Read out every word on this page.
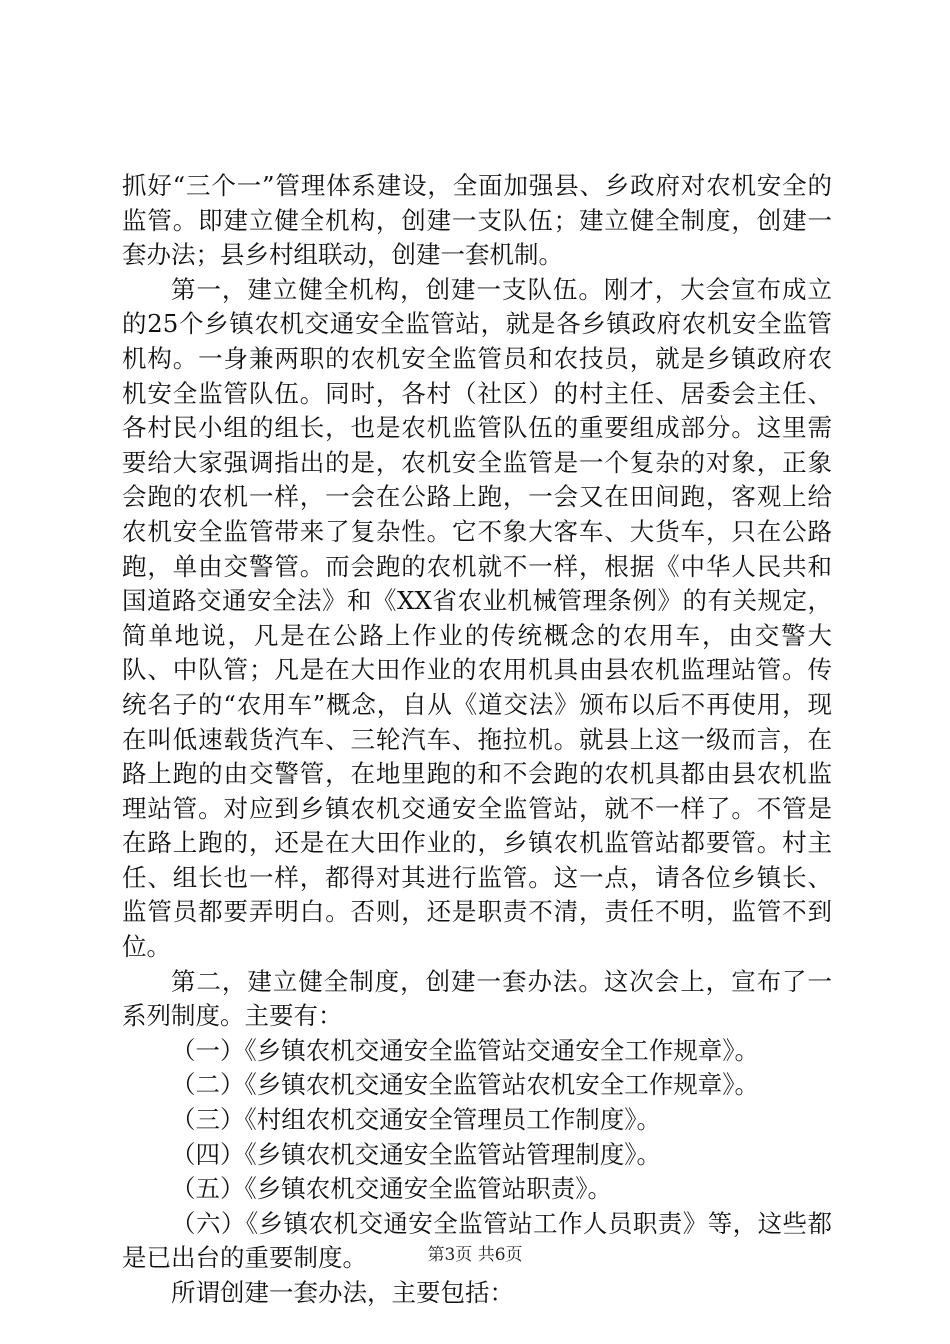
抓好“三个一”管理体系建设，全面加强县、乡政府对农机安全的监管。即建立健全机构，创建一支队伍；建立健全制度，创建一套办法；县乡村组联动，创建一套机制。

第一，建立健全机构，创建一支队伍。刚才，大会宣布成立的25个乡镇农机交通安全监管站，就是各乡镇政府农机安全监管机构。一身兼两职的农机安全监管员和农技员，就是乡镇政府农机安全监管队伍。同时，各村（社区）的村主任、居委会主任、各村民小组的组长，也是农机监管队伍的重要组成部分。这里需要给大家强调指出的是，农机安全监管是一个复杂的对象，正象会跑的农机一样，一会在公路上跑，一会又在田间跑，客观上给农机安全监管带来了复杂性。它不象大客车、大货车，只在公路跑，单由交警管。而会跑的农机就不一样，根据《中华人民共和国道路交通安全法》和《XX省农业机械管理条例》的有关规定，简单地说，凡是在公路上作业的传统概念的农用车，由交警大队、中队管；凡是在大田作业的农用机具由县农机监理站管。传统名子的“农用车”概念，自从《道交法》颁布以后不再使用，现在叫低速载货汽车、三轮汽车、拖拉机。就县上这一级而言，在路上跑的由交警管，在地里跑的和不会跑的农机具都由县农机监理站管。对应到乡镇农机交通安全监管站，就不一样了。不管是在路上跑的，还是在大田作业的，乡镇农机监管站都要管。村主任、组长也一样，都得对其进行监管。这一点，请各位乡镇长、监管员都要弄明白。否则，还是职责不清，责任不明，监管不到位。

第二，建立健全制度，创建一套办法。这次会上，宣布了一系列制度。主要有：

（一）《乡镇农机交通安全监管站交通安全工作规章》。

（二）《乡镇农机交通安全监管站农机安全工作规章》。

（三）《村组农机交通安全管理员工作制度》。

（四）《乡镇农机交通安全监管站管理制度》。

（五）《乡镇农机交通安全监管站职责》。

（六）《乡镇农机交通安全监管站工作人员职责》等，这些都是已出台的重要制度。

所谓创建一套办法，主要包括：

第3页 共6页
